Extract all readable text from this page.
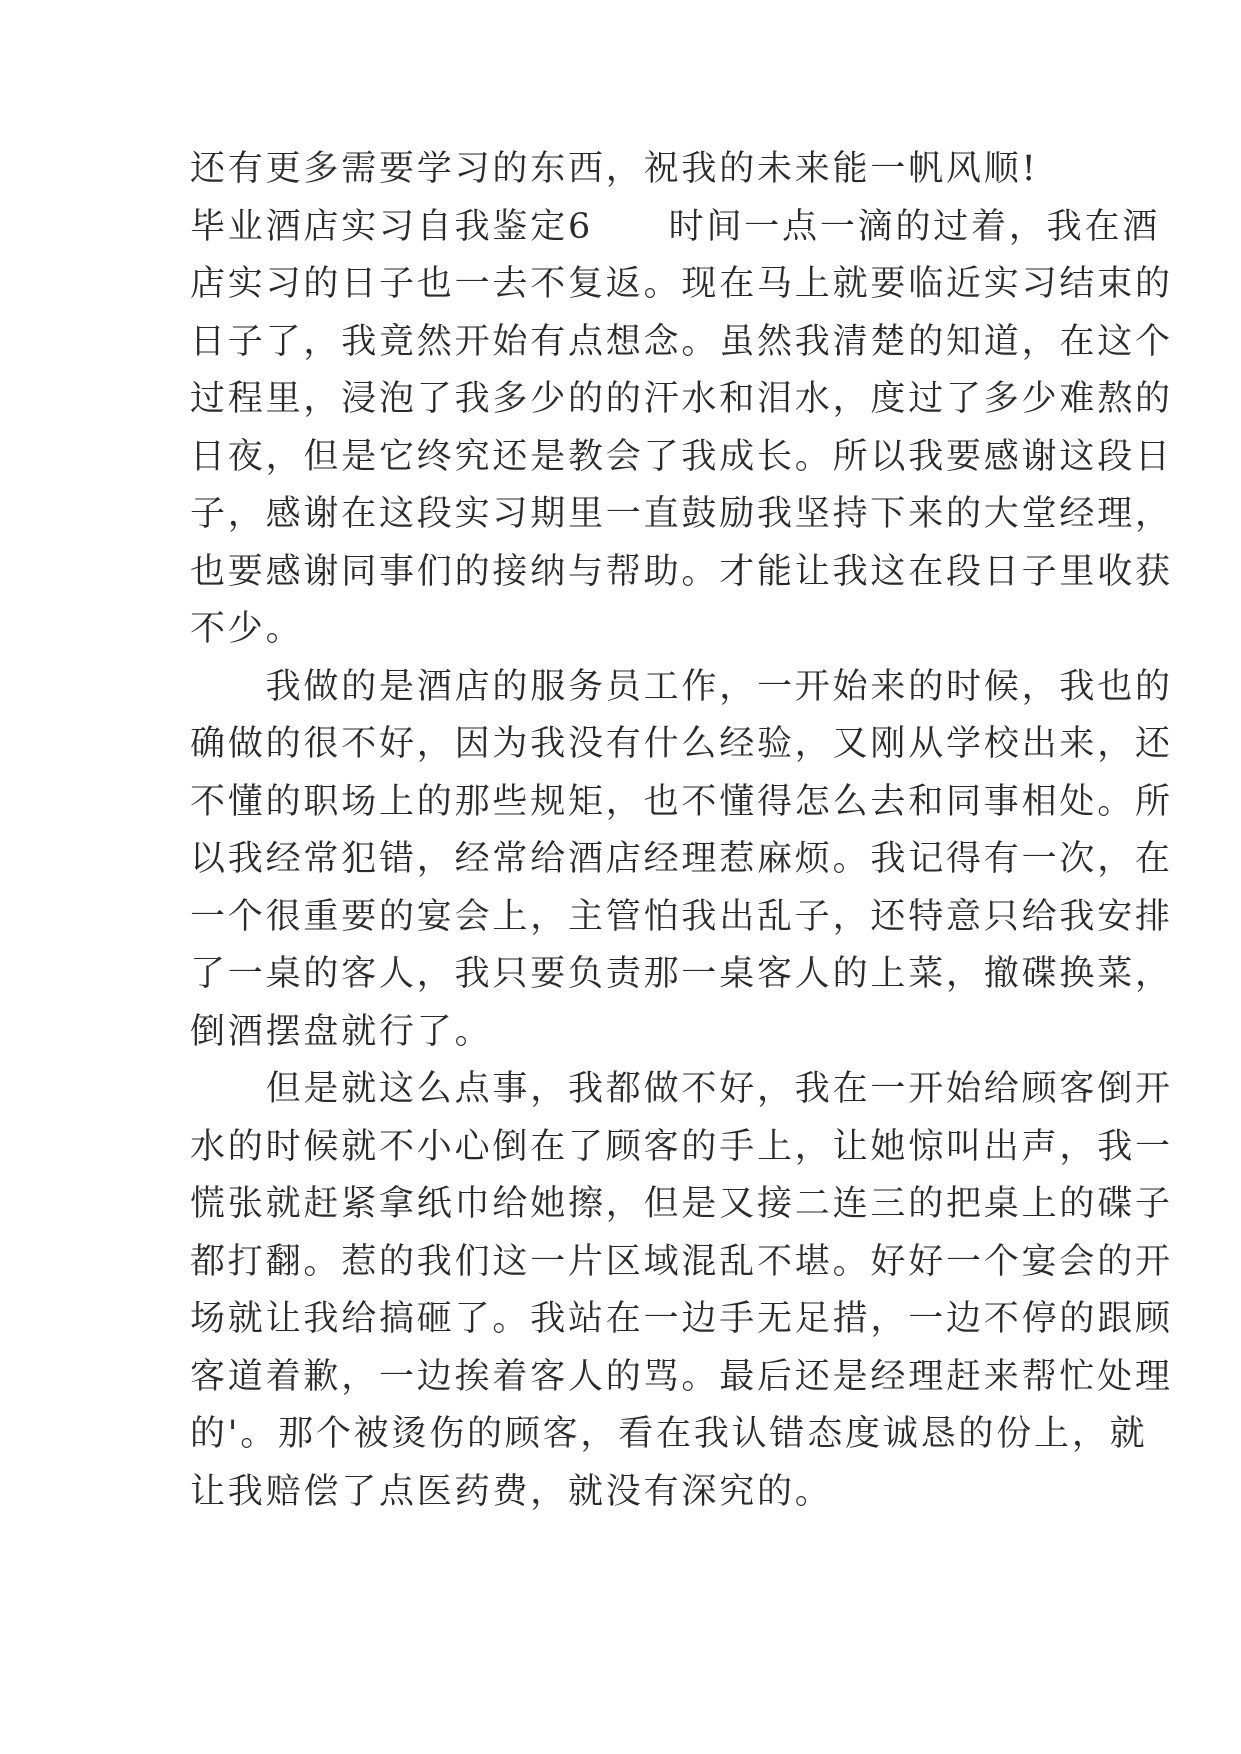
还有更多需要学习的东西，祝我的未来能一帆风顺!
毕业酒店实习自我鉴定6　　时间一点一滴的过着，我在酒
店实习的日子也一去不复返。现在马上就要临近实习结束的
日子了，我竟然开始有点想念。虽然我清楚的知道，在这个
过程里，浸泡了我多少的的汗水和泪水，度过了多少难熬的
日夜，但是它终究还是教会了我成长。所以我要感谢这段日
子，感谢在这段实习期里一直鼓励我坚持下来的大堂经理，
也要感谢同事们的接纳与帮助。才能让我这在段日子里收获
不少。
　　我做的是酒店的服务员工作，一开始来的时候，我也的
确做的很不好，因为我没有什么经验，又刚从学校出来，还
不懂的职场上的那些规矩，也不懂得怎么去和同事相处。所
以我经常犯错，经常给酒店经理惹麻烦。我记得有一次，在
一个很重要的宴会上，主管怕我出乱子，还特意只给我安排
了一桌的客人，我只要负责那一桌客人的上菜，撤碟换菜，
倒酒摆盘就行了。
　　但是就这么点事，我都做不好，我在一开始给顾客倒开
水的时候就不小心倒在了顾客的手上，让她惊叫出声，我一
慌张就赶紧拿纸巾给她擦，但是又接二连三的把桌上的碟子
都打翻。惹的我们这一片区域混乱不堪。好好一个宴会的开
场就让我给搞砸了。我站在一边手无足措，一边不停的跟顾
客道着歉，一边挨着客人的骂。最后还是经理赶来帮忙处理
的'。那个被烫伤的顾客，看在我认错态度诚恳的份上，就
让我赔偿了点医药费，就没有深究的。
